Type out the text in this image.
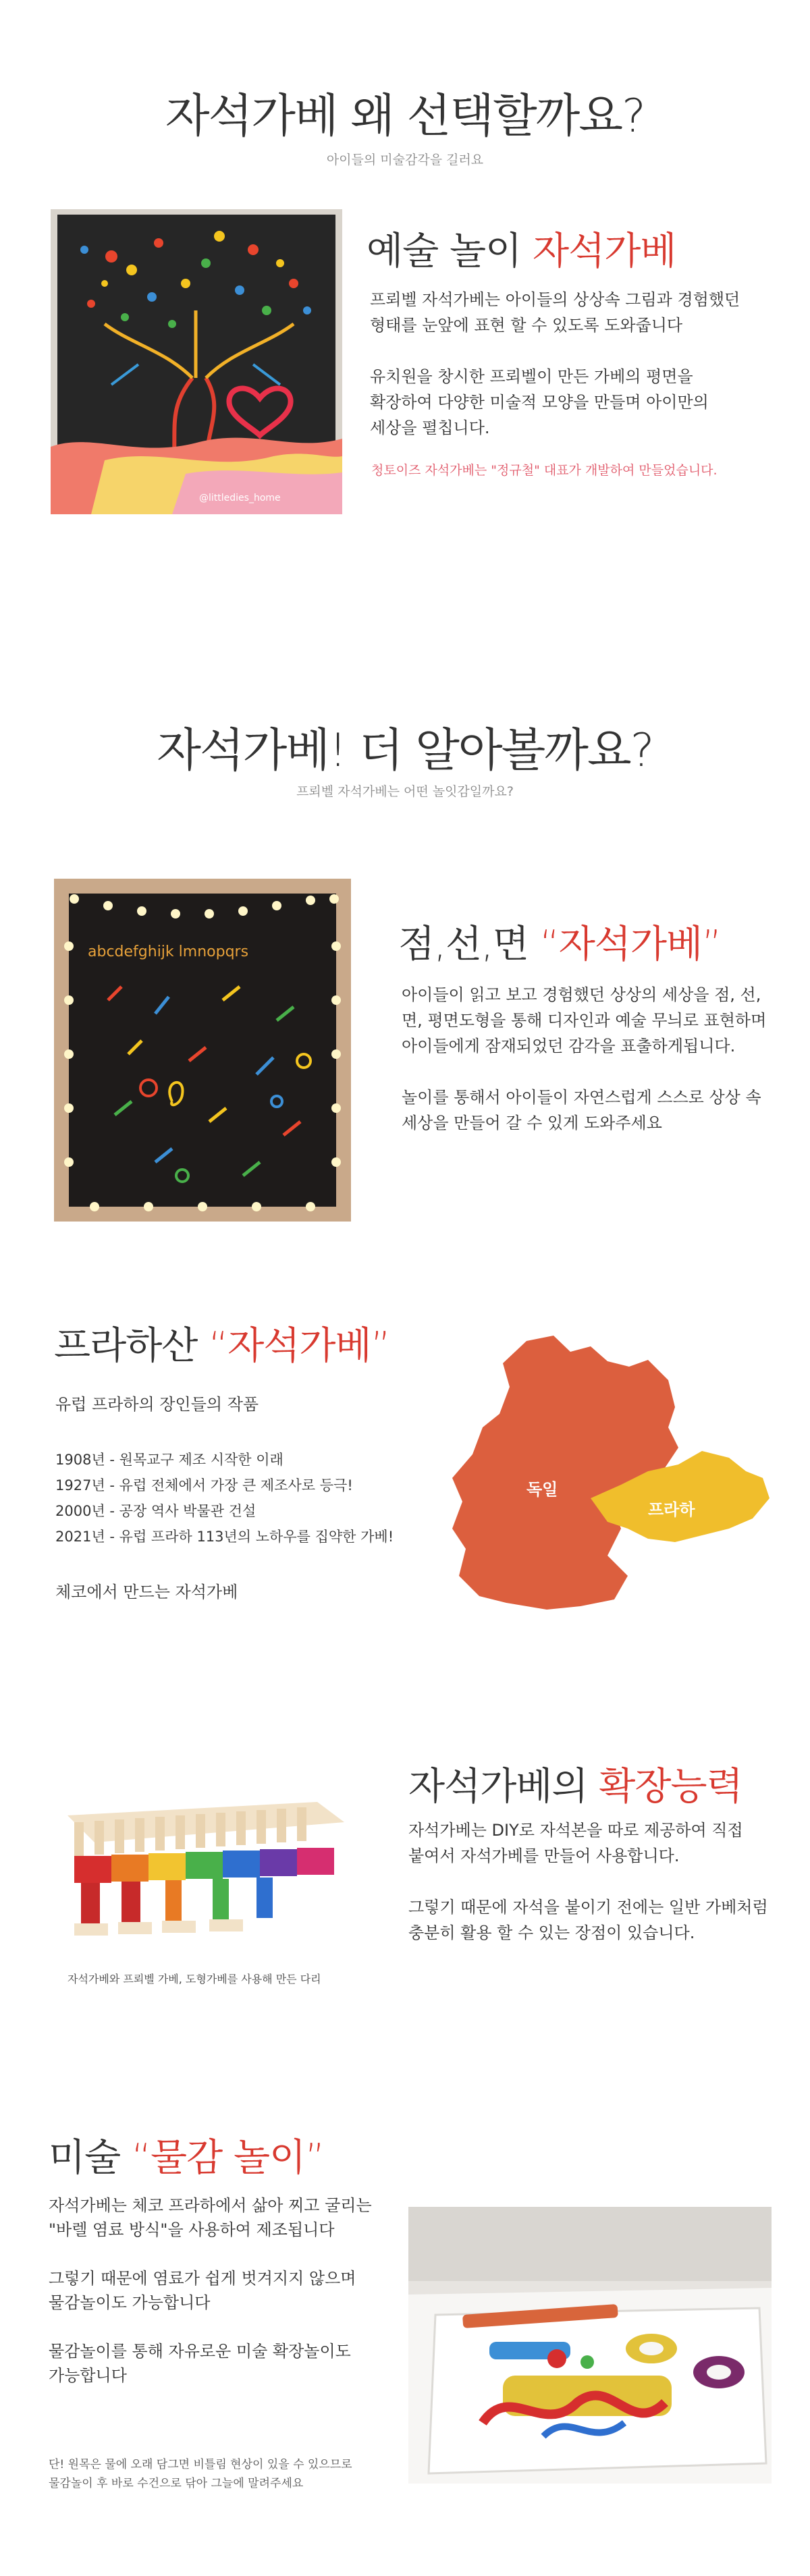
자석가베 왜 선택할까요?
아이들의 미술감각을 길러요
@littledies_home
예술 놀이 자석가베
프뢰벨 자석가베는 아이들의 상상속 그림과 경험했던
형태를 눈앞에 표현 할 수 있도록 도와줍니다
유치원을 창시한 프뢰벨이 만든 가베의 평면을
확장하여 다양한 미술적 모양을 만들며 아이만의
세상을 펼칩니다.
청토이즈 자석가베는 "정규철" 대표가 개발하여 만들었습니다.
자석가베! 더 알아볼까요?
프뢰벨 자석가베는 어떤 놀잇감일까요?
abcdefghijk lmnopqrs	점,선,면 “자석가베”
아이들이 읽고 보고 경험했던 상상의 세상을 점, 선,
면, 평면도형을 통해 디자인과 예술 무늬로 표현하며
아이들에게 잠재되었던 감각을 표출하게됩니다.
놀이를 통해서 아이들이 자연스럽게 스스로 상상 속
세상을 만들어 갈 수 있게 도와주세요
프라하산 “자석가베”
유럽 프라하의 장인들의 작품
1908년 - 원목교구 제조 시작한 이래
1927년 - 유럽 전체에서 가장 큰 제조사로 등극!
2000년 - 공장 역사 박물관 건설
2021년 - 유럽 프라하 113년의 노하우를 집약한 가베!
체코에서 만드는 자석가베
독일
프라하
자석가베와 프뢰벨 가베, 도형가베를 사용해 만든 다리
자석가베의 확장능력
자석가베는 DIY로 자석본을 따로 제공하여 직접
붙여서 자석가베를 만들어 사용합니다.
그렇기 때문에 자석을 붙이기 전에는 일반 가베처럼
충분히 활용 할 수 있는 장점이 있습니다.
미술 “물감 놀이”
자석가베는 체코 프라하에서 삶아 찌고 굴리는
"바렐 염료 방식"을 사용하여 제조됩니다
그렇기 때문에 염료가 쉽게 벗겨지지 않으며
물감놀이도 가능합니다
물감놀이를 통해 자유로운 미술 확장놀이도
가능합니다
단! 원목은 물에 오래 담그면 비틀림 현상이 있을 수 있으므로
물감놀이 후 바로 수건으로 닦아 그늘에 말려주세요
